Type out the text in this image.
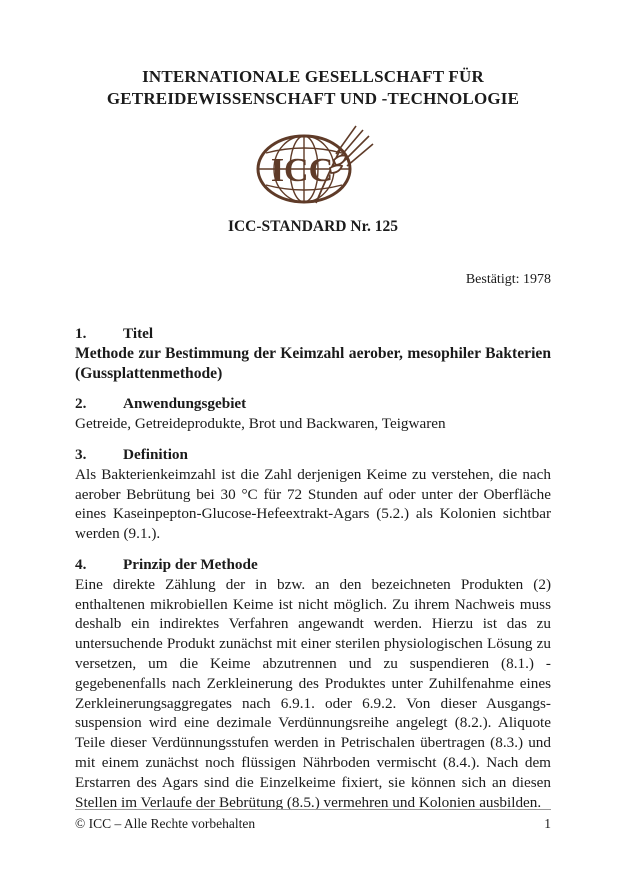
INTERNATIONALE GESELLSCHAFT FÜR
GETREIDEWISSENSCHAFT UND -TECHNOLOGIE
ICC
ICC-STANDARD Nr. 125
Bestätigt: 1978
1.	Titel

Methode zur Bestimmung der Keimzahl aerober, mesophiler Bakterien (Gussplattenmethode)

2.	Anwendungsgebiet

Getreide, Getreideprodukte, Brot und Backwaren, Teigwaren

3.	Definition

Als Bakterienkeimzahl ist die Zahl derjenigen Keime zu verstehen, die nach aerober Bebrütung bei 30 °C für 72 Stunden auf oder unter der Oberfläche eines Kaseinpepton-Glucose-Hefeextrakt-Agars (5.2.) als Kolonien sichtbar werden (9.1.).

4.	Prinzip der Methode

Eine direkte Zählung der in bzw. an den bezeichneten Produkten (2) enthaltenen mikrobiellen Keime ist nicht möglich. Zu ihrem Nachweis muss deshalb ein indirektes Verfahren angewandt werden. Hierzu ist das zu untersuchende Produkt zunächst mit einer sterilen physiologischen Lösung zu versetzen, um die Keime abzutrennen und zu suspendieren (8.1.) - gegebenenfalls nach Zerkleinerung des Produktes unter Zuhilfenahme eines Zerkleinerungsaggregates nach 6.9.1. oder 6.9.2. Von dieser Ausgangs-suspension wird eine dezimale Verdünnungsreihe angelegt (8.2.). Aliquote Teile dieser Verdünnungsstufen werden in Petrischalen übertragen (8.3.) und mit einem zunächst noch flüssigen Nährboden vermischt (8.4.). Nach dem Erstarren des Agars sind die Einzelkeime fixiert, sie können sich an diesen Stellen im Verlaufe der Bebrütung (8.5.) vermehren und Kolonien ausbilden.

© ICC – Alle Rechte vorbehalten	1
